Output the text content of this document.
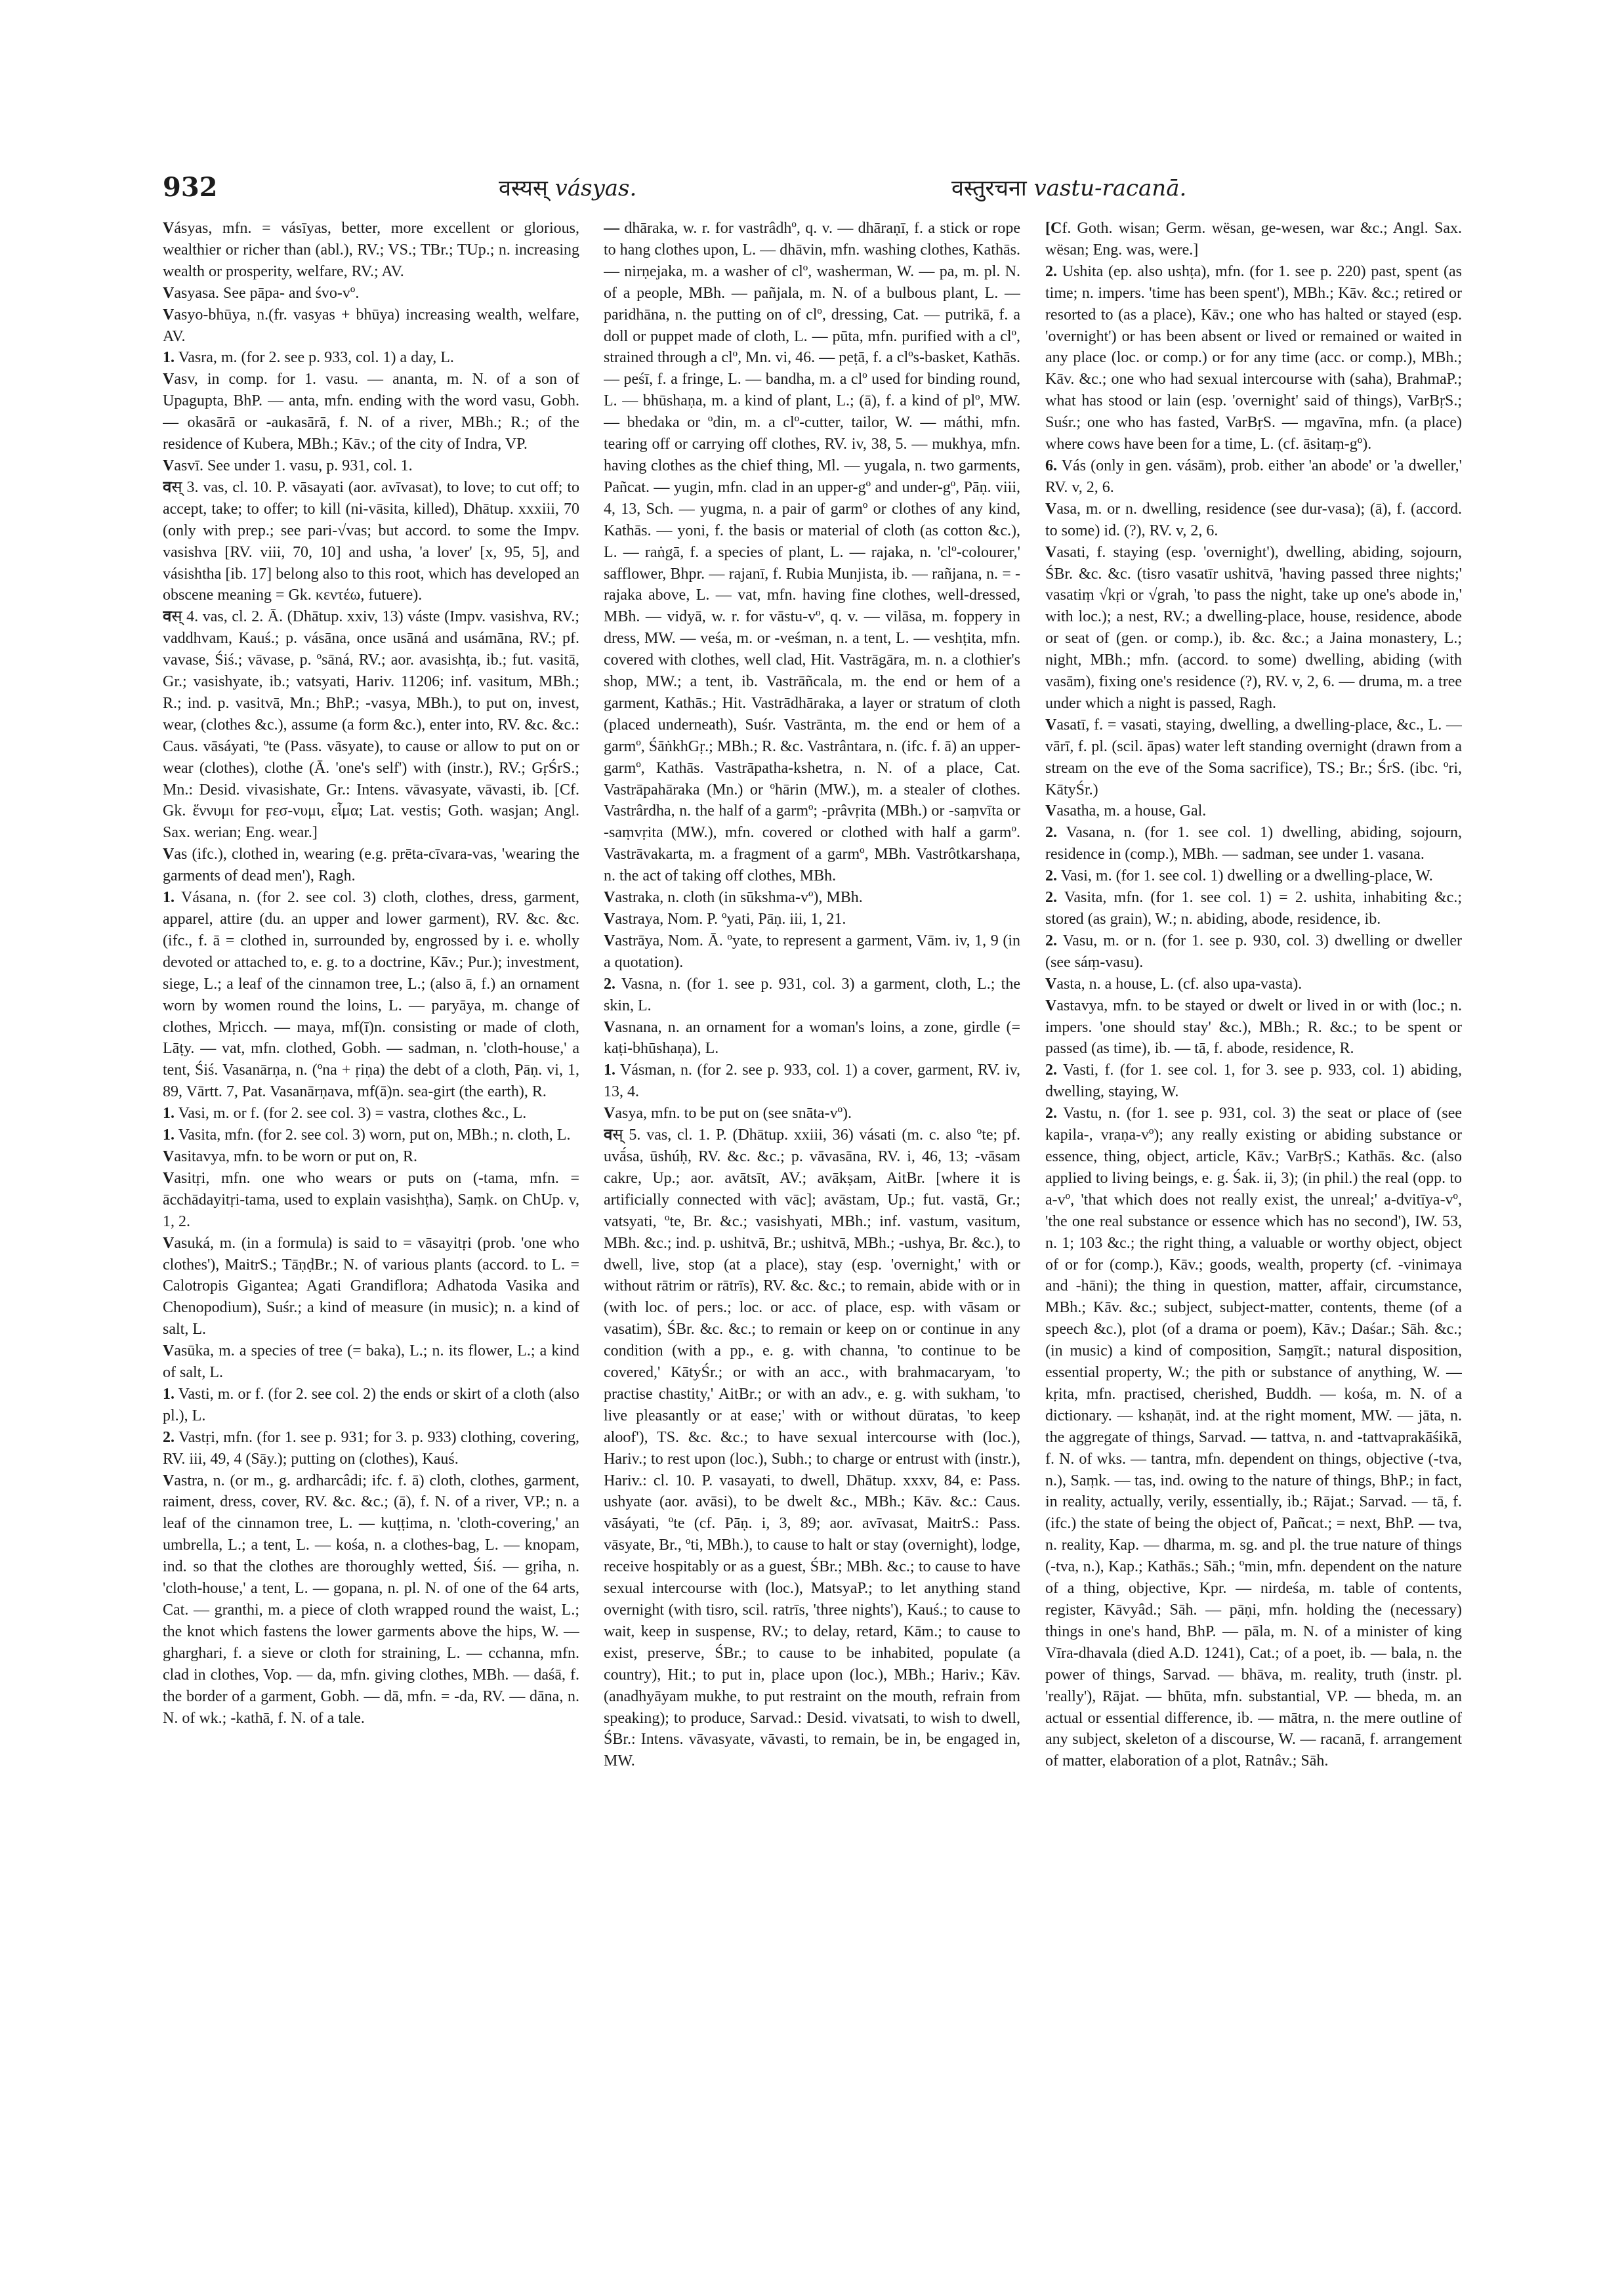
932	वस्यस् vásyas.	वस्तुरचना vastu-racanā.

Vásyas, mfn. = vásīyas, better, more excellent or glorious, wealthier or richer than (abl.), RV.; VS.; TBr.; TUp.; n. increasing wealth or prosperity, welfare, RV.; AV.

Vasyasa. See pāpa- and śvo-vº.

Vasyo-bhūya, n.(fr. vasyas + bhūya) increasing wealth, welfare, AV.

1. Vasra, m. (for 2. see p. 933, col. 1) a day, L.

Vasv, in comp. for 1. vasu. — ananta, m. N. of a son of Upagupta, BhP. — anta, mfn. ending with the word vasu, Gobh. — okasārā or -aukasārā, f. N. of a river, MBh.; R.; of the residence of Kubera, MBh.; Kāv.; of the city of Indra, VP.

Vasvī. See under 1. vasu, p. 931, col. 1.

वस् 3. vas, cl. 10. P. vāsayati (aor. avīvasat), to love; to cut off; to accept, take; to offer; to kill (ni-vāsita, killed), Dhātup. xxxiii, 70 (only with prep.; see pari-√vas; but accord. to some the Impv. vasishva [RV. viii, 70, 10] and usha, 'a lover' [x, 95, 5], and vásishtha [ib. 17] belong also to this root, which has developed an obscene meaning = Gk. κεντέω, futuere).

वस् 4. vas, cl. 2. Ā. (Dhātup. xxiv, 13) váste (Impv. vasishva, RV.; vaddhvam, Kauś.; p. vásāna, once usāná and usámāna, RV.; pf. vavase, Śiś.; vāvase, p. ºsāná, RV.; aor. avasishṭa, ib.; fut. vasitā, Gr.; vasishyate, ib.; vatsyati, Hariv. 11206; inf. vasitum, MBh.; R.; ind. p. vasitvā, Mn.; BhP.; -vasya, MBh.), to put on, invest, wear, (clothes &c.), assume (a form &c.), enter into, RV. &c. &c.: Caus. vāsáyati, ºte (Pass. vāsyate), to cause or allow to put on or wear (clothes), clothe (Ā. 'one's self') with (instr.), RV.; GṛŚrS.; Mn.: Desid. vivasishate, Gr.: Intens. vāvasyate, vāvasti, ib. [Cf. Gk. ἕννυμι for ϝεσ-νυμι, εἷμα; Lat. vestis; Goth. wasjan; Angl. Sax. werian; Eng. wear.]

Vas (ifc.), clothed in, wearing (e.g. prēta-cīvara-vas, 'wearing the garments of dead men'), Ragh.

1. Vásana, n. (for 2. see col. 3) cloth, clothes, dress, garment, apparel, attire (du. an upper and lower garment), RV. &c. &c. (ifc., f. ā = clothed in, surrounded by, engrossed by i. e. wholly devoted or attached to, e. g. to a doctrine, Kāv.; Pur.); investment, siege, L.; a leaf of the cinnamon tree, L.; (also ā, f.) an ornament worn by women round the loins, L. — paryāya, m. change of clothes, Mṛicch. — maya, mf(ī)n. consisting or made of cloth, Lāṭy. — vat, mfn. clothed, Gobh. — sadman, n. 'cloth-house,' a tent, Śiś. Vasanārṇa, n. (ºna + ṛiṇa) the debt of a cloth, Pāṇ. vi, 1, 89, Vārtt. 7, Pat. Vasanārṇava, mf(ā)n. sea-girt (the earth), R.

1. Vasi, m. or f. (for 2. see col. 3) = vastra, clothes &c., L.

1. Vasita, mfn. (for 2. see col. 3) worn, put on, MBh.; n. cloth, L.

Vasitavya, mfn. to be worn or put on, R.

Vasitṛi, mfn. one who wears or puts on (-tama, mfn. = ācchādayitṛi-tama, used to explain vasishṭha), Saṃk. on ChUp. v, 1, 2.

Vasuká, m. (in a formula) is said to = vāsayitṛi (prob. 'one who clothes'), MaitrS.; TāṇḍBr.; N. of various plants (accord. to L. = Calotropis Gigantea; Agati Grandiflora; Adhatoda Vasika and Chenopodium), Suśr.; a kind of measure (in music); n. a kind of salt, L.

Vasūka, m. a species of tree (= baka), L.; n. its flower, L.; a kind of salt, L.

1. Vasti, m. or f. (for 2. see col. 2) the ends or skirt of a cloth (also pl.), L.

2. Vastṛi, mfn. (for 1. see p. 931; for 3. p. 933) clothing, covering, RV. iii, 49, 4 (Sāy.); putting on (clothes), Kauś.

Vastra, n. (or m., g. ardharcâdi; ifc. f. ā) cloth, clothes, garment, raiment, dress, cover, RV. &c. &c.; (ā), f. N. of a river, VP.; n. a leaf of the cinnamon tree, L. — kuṭṭima, n. 'cloth-covering,' an umbrella, L.; a tent, L. — kośa, n. a clothes-bag, L. — knopam, ind. so that the clothes are thoroughly wetted, Śiś. — gṛiha, n. 'cloth-house,' a tent, L. — gopana, n. pl. N. of one of the 64 arts, Cat. — granthi, m. a piece of cloth wrapped round the waist, L.; the knot which fastens the lower garments above the hips, W. — gharghari, f. a sieve or cloth for straining, L. — cchanna, mfn. clad in clothes, Vop. — da, mfn. giving clothes, MBh. — daśā, f. the border of a garment, Gobh. — dā, mfn. = -da, RV. — dāna, n. N. of wk.; -kathā, f. N. of a tale.

— dhāraka, w. r. for vastrâdhº, q. v. — dhāraṇī, f. a stick or rope to hang clothes upon, L. — dhāvin, mfn. washing clothes, Kathās. — nirṇejaka, m. a washer of clº, washerman, W. — pa, m. pl. N. of a people, MBh. — pañjala, m. N. of a bulbous plant, L. — paridhāna, n. the putting on of clº, dressing, Cat. — putrikā, f. a doll or puppet made of cloth, L. — pūta, mfn. purified with a clº, strained through a clº, Mn. vi, 46. — peṭā, f. a clºs-basket, Kathās. — peśī, f. a fringe, L. — bandha, m. a clº used for binding round, L. — bhūshaṇa, m. a kind of plant, L.; (ā), f. a kind of plº, MW. — bhedaka or ºdin, m. a clº-cutter, tailor, W. — máthi, mfn. tearing off or carrying off clothes, RV. iv, 38, 5. — mukhya, mfn. having clothes as the chief thing, Ml. — yugala, n. two garments, Pañcat. — yugin, mfn. clad in an upper-gº and under-gº, Pāṇ. viii, 4, 13, Sch. — yugma, n. a pair of garmº or clothes of any kind, Kathās. — yoni, f. the basis or material of cloth (as cotton &c.), L. — raṅgā, f. a species of plant, L. — rajaka, n. 'clº-colourer,' safflower, Bhpr. — rajanī, f. Rubia Munjista, ib. — rañjana, n. = -rajaka above, L. — vat, mfn. having fine clothes, well-dressed, MBh. — vidyā, w. r. for vāstu-vº, q. v. — vilāsa, m. foppery in dress, MW. — veśa, m. or -veśman, n. a tent, L. — veshṭita, mfn. covered with clothes, well clad, Hit. Vastrāgāra, m. n. a clothier's shop, MW.; a tent, ib. Vastrāñcala, m. the end or hem of a garment, Kathās.; Hit. Vastrādhāraka, a layer or stratum of cloth (placed underneath), Suśr. Vastrānta, m. the end or hem of a garmº, ŚāṅkhGṛ.; MBh.; R. &c. Vastrântara, n. (ifc. f. ā) an upper-garmº, Kathās. Vastrāpatha-kshetra, n. N. of a place, Cat. Vastrāpahāraka (Mn.) or ºhārin (MW.), m. a stealer of clothes. Vastrârdha, n. the half of a garmº; -prâvṛita (MBh.) or -saṃvīta or -saṃvṛita (MW.), mfn. covered or clothed with half a garmº. Vastrāvakarta, m. a fragment of a garmº, MBh. Vastrôtkarshaṇa, n. the act of taking off clothes, MBh.

Vastraka, n. cloth (in sūkshma-vº), MBh.

Vastraya, Nom. P. ºyati, Pāṇ. iii, 1, 21.

Vastrāya, Nom. Ā. ºyate, to represent a garment, Vām. iv, 1, 9 (in a quotation).

2. Vasna, n. (for 1. see p. 931, col. 3) a garment, cloth, L.; the skin, L.

Vasnana, n. an ornament for a woman's loins, a zone, girdle (= kaṭi-bhūshaṇa), L.

1. Vásman, n. (for 2. see p. 933, col. 1) a cover, garment, RV. iv, 13, 4.

Vasya, mfn. to be put on (see snāta-vº).

वस् 5. vas, cl. 1. P. (Dhātup. xxiii, 36) vásati (m. c. also ºte; pf. uvā́sa, ūshúḥ, RV. &c. &c.; p. vāvasāna, RV. i, 46, 13; -vāsam cakre, Up.; aor. avātsīt, AV.; avākṣam, AitBr. [where it is artificially connected with vāc]; avāstam, Up.; fut. vastā, Gr.; vatsyati, ºte, Br. &c.; vasishyati, MBh.; inf. vastum, vasitum, MBh. &c.; ind. p. ushitvā, Br.; ushitvā, MBh.; -ushya, Br. &c.), to dwell, live, stop (at a place), stay (esp. 'overnight,' with or without rātrim or rātrīs), RV. &c. &c.; to remain, abide with or in (with loc. of pers.; loc. or acc. of place, esp. with vāsam or vasatim), ŚBr. &c. &c.; to remain or keep on or continue in any condition (with a pp., e. g. with channa, 'to continue to be covered,' KātyŚr.; or with an acc., with brahmacaryam, 'to practise chastity,' AitBr.; or with an adv., e. g. with sukham, 'to live pleasantly or at ease;' with or without dūratas, 'to keep aloof'), TS. &c. &c.; to have sexual intercourse with (loc.), Hariv.; to rest upon (loc.), Subh.; to charge or entrust with (instr.), Hariv.: cl. 10. P. vasayati, to dwell, Dhātup. xxxv, 84, e: Pass. ushyate (aor. avāsi), to be dwelt &c., MBh.; Kāv. &c.: Caus. vāsáyati, ºte (cf. Pāṇ. i, 3, 89; aor. avīvasat, MaitrS.: Pass. vāsyate, Br., ºti, MBh.), to cause to halt or stay (overnight), lodge, receive hospitably or as a guest, ŚBr.; MBh. &c.; to cause to have sexual intercourse with (loc.), MatsyaP.; to let anything stand overnight (with tisro, scil. ratrīs, 'three nights'), Kauś.; to cause to wait, keep in suspense, RV.; to delay, retard, Kām.; to cause to exist, preserve, ŚBr.; to cause to be inhabited, populate (a country), Hit.; to put in, place upon (loc.), MBh.; Hariv.; Kāv. (anadhyāyam mukhe, to put restraint on the mouth, refrain from speaking); to produce, Sarvad.: Desid. vivatsati, to wish to dwell, ŚBr.: Intens. vāvasyate, vāvasti, to remain, be in, be engaged in, MW.

[Cf. Goth. wisan; Germ. wësan, ge-wesen, war &c.; Angl. Sax. wësan; Eng. was, were.]

2. Ushita (ep. also ushṭa), mfn. (for 1. see p. 220) past, spent (as time; n. impers. 'time has been spent'), MBh.; Kāv. &c.; retired or resorted to (as a place), Kāv.; one who has halted or stayed (esp. 'overnight') or has been absent or lived or remained or waited in any place (loc. or comp.) or for any time (acc. or comp.), MBh.; Kāv. &c.; one who had sexual intercourse with (saha), BrahmaP.; what has stood or lain (esp. 'overnight' said of things), VarBṛS.; Suśr.; one who has fasted, VarBṛS. — mgavīna, mfn. (a place) where cows have been for a time, L. (cf. āsitaṃ-gº).

6. Vás (only in gen. vásām), prob. either 'an abode' or 'a dweller,' RV. v, 2, 6.

Vasa, m. or n. dwelling, residence (see dur-vasa); (ā), f. (accord. to some) id. (?), RV. v, 2, 6.

Vasati, f. staying (esp. 'overnight'), dwelling, abiding, sojourn, ŚBr. &c. &c. (tisro vasatīr ushitvā, 'having passed three nights;' vasatiṃ √kṛi or √grah, 'to pass the night, take up one's abode in,' with loc.); a nest, RV.; a dwelling-place, house, residence, abode or seat of (gen. or comp.), ib. &c. &c.; a Jaina monastery, L.; night, MBh.; mfn. (accord. to some) dwelling, abiding (with vasām), fixing one's residence (?), RV. v, 2, 6. — druma, m. a tree under which a night is passed, Ragh.

Vasatī, f. = vasati, staying, dwelling, a dwelling-place, &c., L. — vārī, f. pl. (scil. āpas) water left standing overnight (drawn from a stream on the eve of the Soma sacrifice), TS.; Br.; ŚrS. (ibc. ºri, KātyŚr.)

Vasatha, m. a house, Gal.

2. Vasana, n. (for 1. see col. 1) dwelling, abiding, sojourn, residence in (comp.), MBh. — sadman, see under 1. vasana.

2. Vasi, m. (for 1. see col. 1) dwelling or a dwelling-place, W.

2. Vasita, mfn. (for 1. see col. 1) = 2. ushita, inhabiting &c.; stored (as grain), W.; n. abiding, abode, residence, ib.

2. Vasu, m. or n. (for 1. see p. 930, col. 3) dwelling or dweller (see sáṃ-vasu).

Vasta, n. a house, L. (cf. also upa-vasta).

Vastavya, mfn. to be stayed or dwelt or lived in or with (loc.; n. impers. 'one should stay' &c.), MBh.; R. &c.; to be spent or passed (as time), ib. — tā, f. abode, residence, R.

2. Vasti, f. (for 1. see col. 1, for 3. see p. 933, col. 1) abiding, dwelling, staying, W.

2. Vastu, n. (for 1. see p. 931, col. 3) the seat or place of (see kapila-, vraṇa-vº); any really existing or abiding substance or essence, thing, object, article, Kāv.; VarBṛS.; Kathās. &c. (also applied to living beings, e. g. Śak. ii, 3); (in phil.) the real (opp. to a-vº, 'that which does not really exist, the unreal;' a-dvitīya-vº, 'the one real substance or essence which has no second'), IW. 53, n. 1; 103 &c.; the right thing, a valuable or worthy object, object of or for (comp.), Kāv.; goods, wealth, property (cf. -vinimaya and -hāni); the thing in question, matter, affair, circumstance, MBh.; Kāv. &c.; subject, subject-matter, contents, theme (of a speech &c.), plot (of a drama or poem), Kāv.; Daśar.; Sāh. &c.; (in music) a kind of composition, Saṃgīt.; natural disposition, essential property, W.; the pith or substance of anything, W. — kṛita, mfn. practised, cherished, Buddh. — kośa, m. N. of a dictionary. — kshaṇāt, ind. at the right moment, MW. — jāta, n. the aggregate of things, Sarvad. — tattva, n. and -tattvaprakāśikā, f. N. of wks. — tantra, mfn. dependent on things, objective (-tva, n.), Saṃk. — tas, ind. owing to the nature of things, BhP.; in fact, in reality, actually, verily, essentially, ib.; Rājat.; Sarvad. — tā, f. (ifc.) the state of being the object of, Pañcat.; = next, BhP. — tva, n. reality, Kap. — dharma, m. sg. and pl. the true nature of things (-tva, n.), Kap.; Kathās.; Sāh.; ºmin, mfn. dependent on the nature of a thing, objective, Kpr. — nirdeśa, m. table of contents, register, Kāvyâd.; Sāh. — pāṇi, mfn. holding the (necessary) things in one's hand, BhP. — pāla, m. N. of a minister of king Vīra-dhavala (died A.D. 1241), Cat.; of a poet, ib. — bala, n. the power of things, Sarvad. — bhāva, m. reality, truth (instr. pl. 'really'), Rājat. — bhūta, mfn. substantial, VP. — bheda, m. an actual or essential difference, ib. — mātra, n. the mere outline of any subject, skeleton of a discourse, W. — racanā, f. arrangement of matter, elaboration of a plot, Ratnâv.; Sāh.
